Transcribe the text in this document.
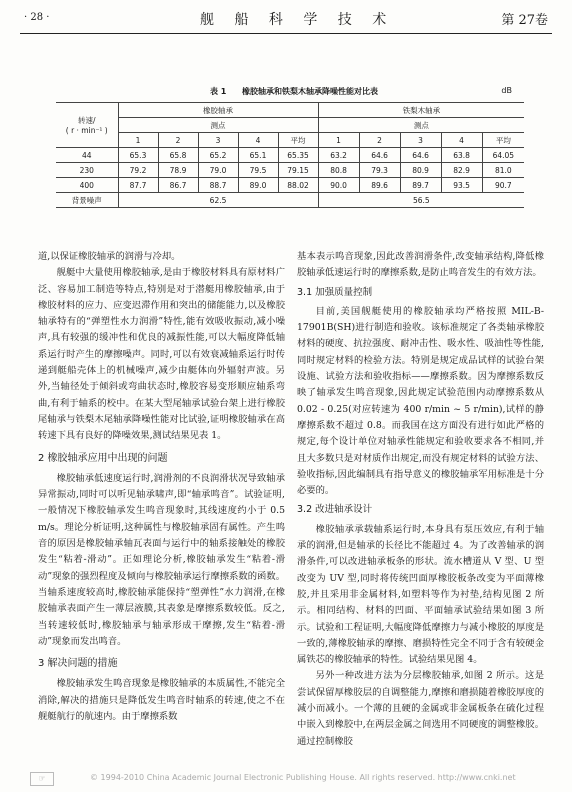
· 28 ·	舰 船 科 学 技 术	第 27卷
表 1 橡胶轴承和铁梨木轴承降噪性能对比表	dB
转速/
( r · min⁻¹ )	橡胶轴承					铁梨木轴承				
	测点					测点				
	1	2	3	4	平均	1	2	3	4	平均
44	65.3	65.8	65.2	65.1	65.35	63.2	64.6	64.6	63.8	64.05
230	79.2	78.9	79.0	79.5	79.15	80.8	79.3	80.9	82.9	81.0
400	87.7	86.7	88.7	89.0	88.02	90.0	89.6	89.7	93.5	90.7
背景噪声	62.5					56.5				

道,以保证橡胶轴承的润滑与冷却。

舰艇中大量使用橡胶轴承,是由于橡胶材料具有原材料广泛、容易加工制造等特点,特别是对于潜艇用橡胶轴承,由于橡胶材料的应力、应变迟滞作用和突出的储能能力,以及橡胶轴承特有的“弹塑性水力润滑”特性,能有效吸收振动,减小噪声,具有较强的缓冲性和优良的减振性能,可以大幅度降低轴系运行时产生的摩擦噪声。同时,可以有效衰减轴系运行时传递到艇船壳体上的机械噪声,减少由艇体向外辐射声波。另外,当轴径处于倾斜或弯曲状态时,橡胶容易变形顺应轴系弯曲,有利于轴系的校中。在某大型尾轴承试验台架上进行橡胶尾轴承与铁梨木尾轴承降噪性能对比试验,证明橡胶轴承在高转速下具有良好的降噪效果,测试结果见表 1。

2 橡胶轴承应用中出现的问题

橡胶轴承低速度运行时,润滑剂的不良润滑状况导致轴承异常振动,同时可以听见轴承啸声,即“轴承鸣音”。试验证明,一般情况下橡胶轴承发生鸣音现象时,其线速度约小于 0.5 m/s。理论分析证明,这种属性与橡胶轴承固有属性。产生鸣音的原因是橡胶轴承轴瓦表面与运行中的轴系接触处的橡胶发生“粘着-滑动”。正如理论分析,橡胶轴承发生“粘着-滑动”现象的强烈程度及倾向与橡胶轴承运行摩擦系数的函数。当轴系速度较高时,橡胶轴承能保持“塑弹性”水力润滑,在橡胶轴承表面产生一薄层液膜,其表象是摩擦系数较低。反之,当转速较低时,橡胶轴承与轴承形成干摩擦,发生“粘着-滑动”现象而发出鸣音。

3 解决问题的措施

橡胶轴承发生鸣音现象是橡胶轴承的本质属性,不能完全消除,解决的措施只是降低发生鸣音时轴系的转速,使之不在舰艇航行的航速内。由于摩擦系数

基本表示鸣音现象,因此改善润滑条件,改变轴承结构,降低橡胶轴承低速运行时的摩擦系数,是防止鸣音发生的有效方法。

3.1 加强质量控制

目前,美国舰艇使用的橡胶轴承均严格按照 MIL-B-17901B(SH)进行制造和验收。该标准规定了各类轴承橡胶材料的硬度、抗拉强度、耐冲击性、吸水性、吸油性等性能,同时规定材料的检验方法。特别是规定成品试样的试验台架设施、试验方法和验收指标——摩擦系数。因为摩擦系数反映了轴承发生鸣音现象,因此规定试验范围内动摩擦系数从 0.02 - 0.25(对应转速为 400 r/min ~ 5 r/min),试样的静摩擦系数不超过 0.8。而我国在这方面没有进行如此严格的规定,每个设计单位对轴承性能规定和验收要求各不相同,并且大多数只是对材质作出规定,而没有规定材料的试验方法、验收指标,因此编制具有指导意义的橡胶轴承军用标准是十分必要的。

3.2 改进轴承设计

橡胶轴承承载轴系运行时,本身具有泵压效应,有利于轴承的润滑,但是轴承的长径比不能超过 4。为了改善轴承的润滑条件,可以改进轴承板条的形状。流水槽道从 V 型、U 型改变为 UV 型,同时将传统凹面厚橡胶板条改变为平面薄橡胶,并且采用非金属材料,如塑料等作为衬垫,结构见图 2 所示。相同结构、材料的凹面、平面轴承试验结果如图 3 所示。试验和工程证明,大幅度降低摩擦力与减小橡胶的厚度是一致的,薄橡胶轴承的摩擦、磨损特性完全不同于含有较硬金属铁芯的橡胶轴承的特性。试验结果见图 4。

另外一种改进方法为分层橡胶轴承,如图 2 所示。这是尝试保留厚橡胶层的自调整能力,摩擦和磨损随着橡胶厚度的减小而减小。一个薄的且硬的金属或非金属板条在硫化过程中嵌入到橡胶中,在两层金属之间选用不同硬度的调整橡胶。通过控制橡胶

☞	© 1994-2010 China Academic Journal Electronic Publishing House. All rights reserved. http://www.cnki.net
